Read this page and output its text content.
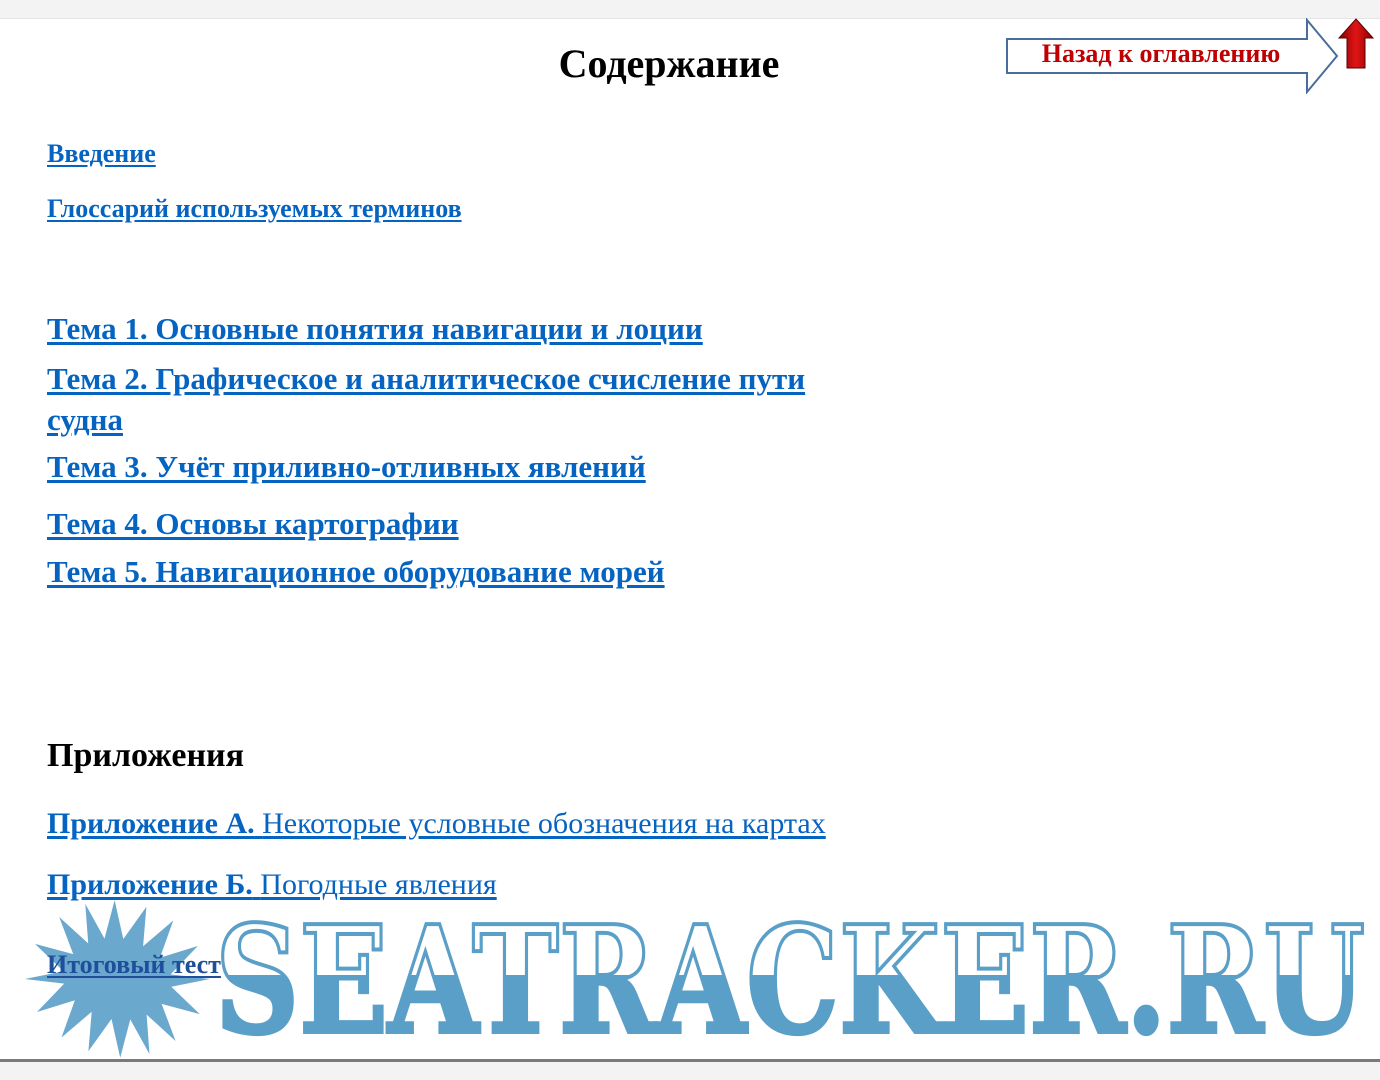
Содержание	Назад к оглавлению
Введение
Глоссарий используемых терминов
Тема 1. Основные понятия навигации и лоции
Тема 2. Графическое и аналитическое счисление пути судна
Тема 3. Учёт приливно-отливных явлений
Тема 4. Основы картографии
Тема 5. Навигационное оборудование морей
Приложения
Приложение А. Некоторые условные обозначения на картах
Приложение Б. Погодные явления
SEATRACKER.RU
Итоговый тест
